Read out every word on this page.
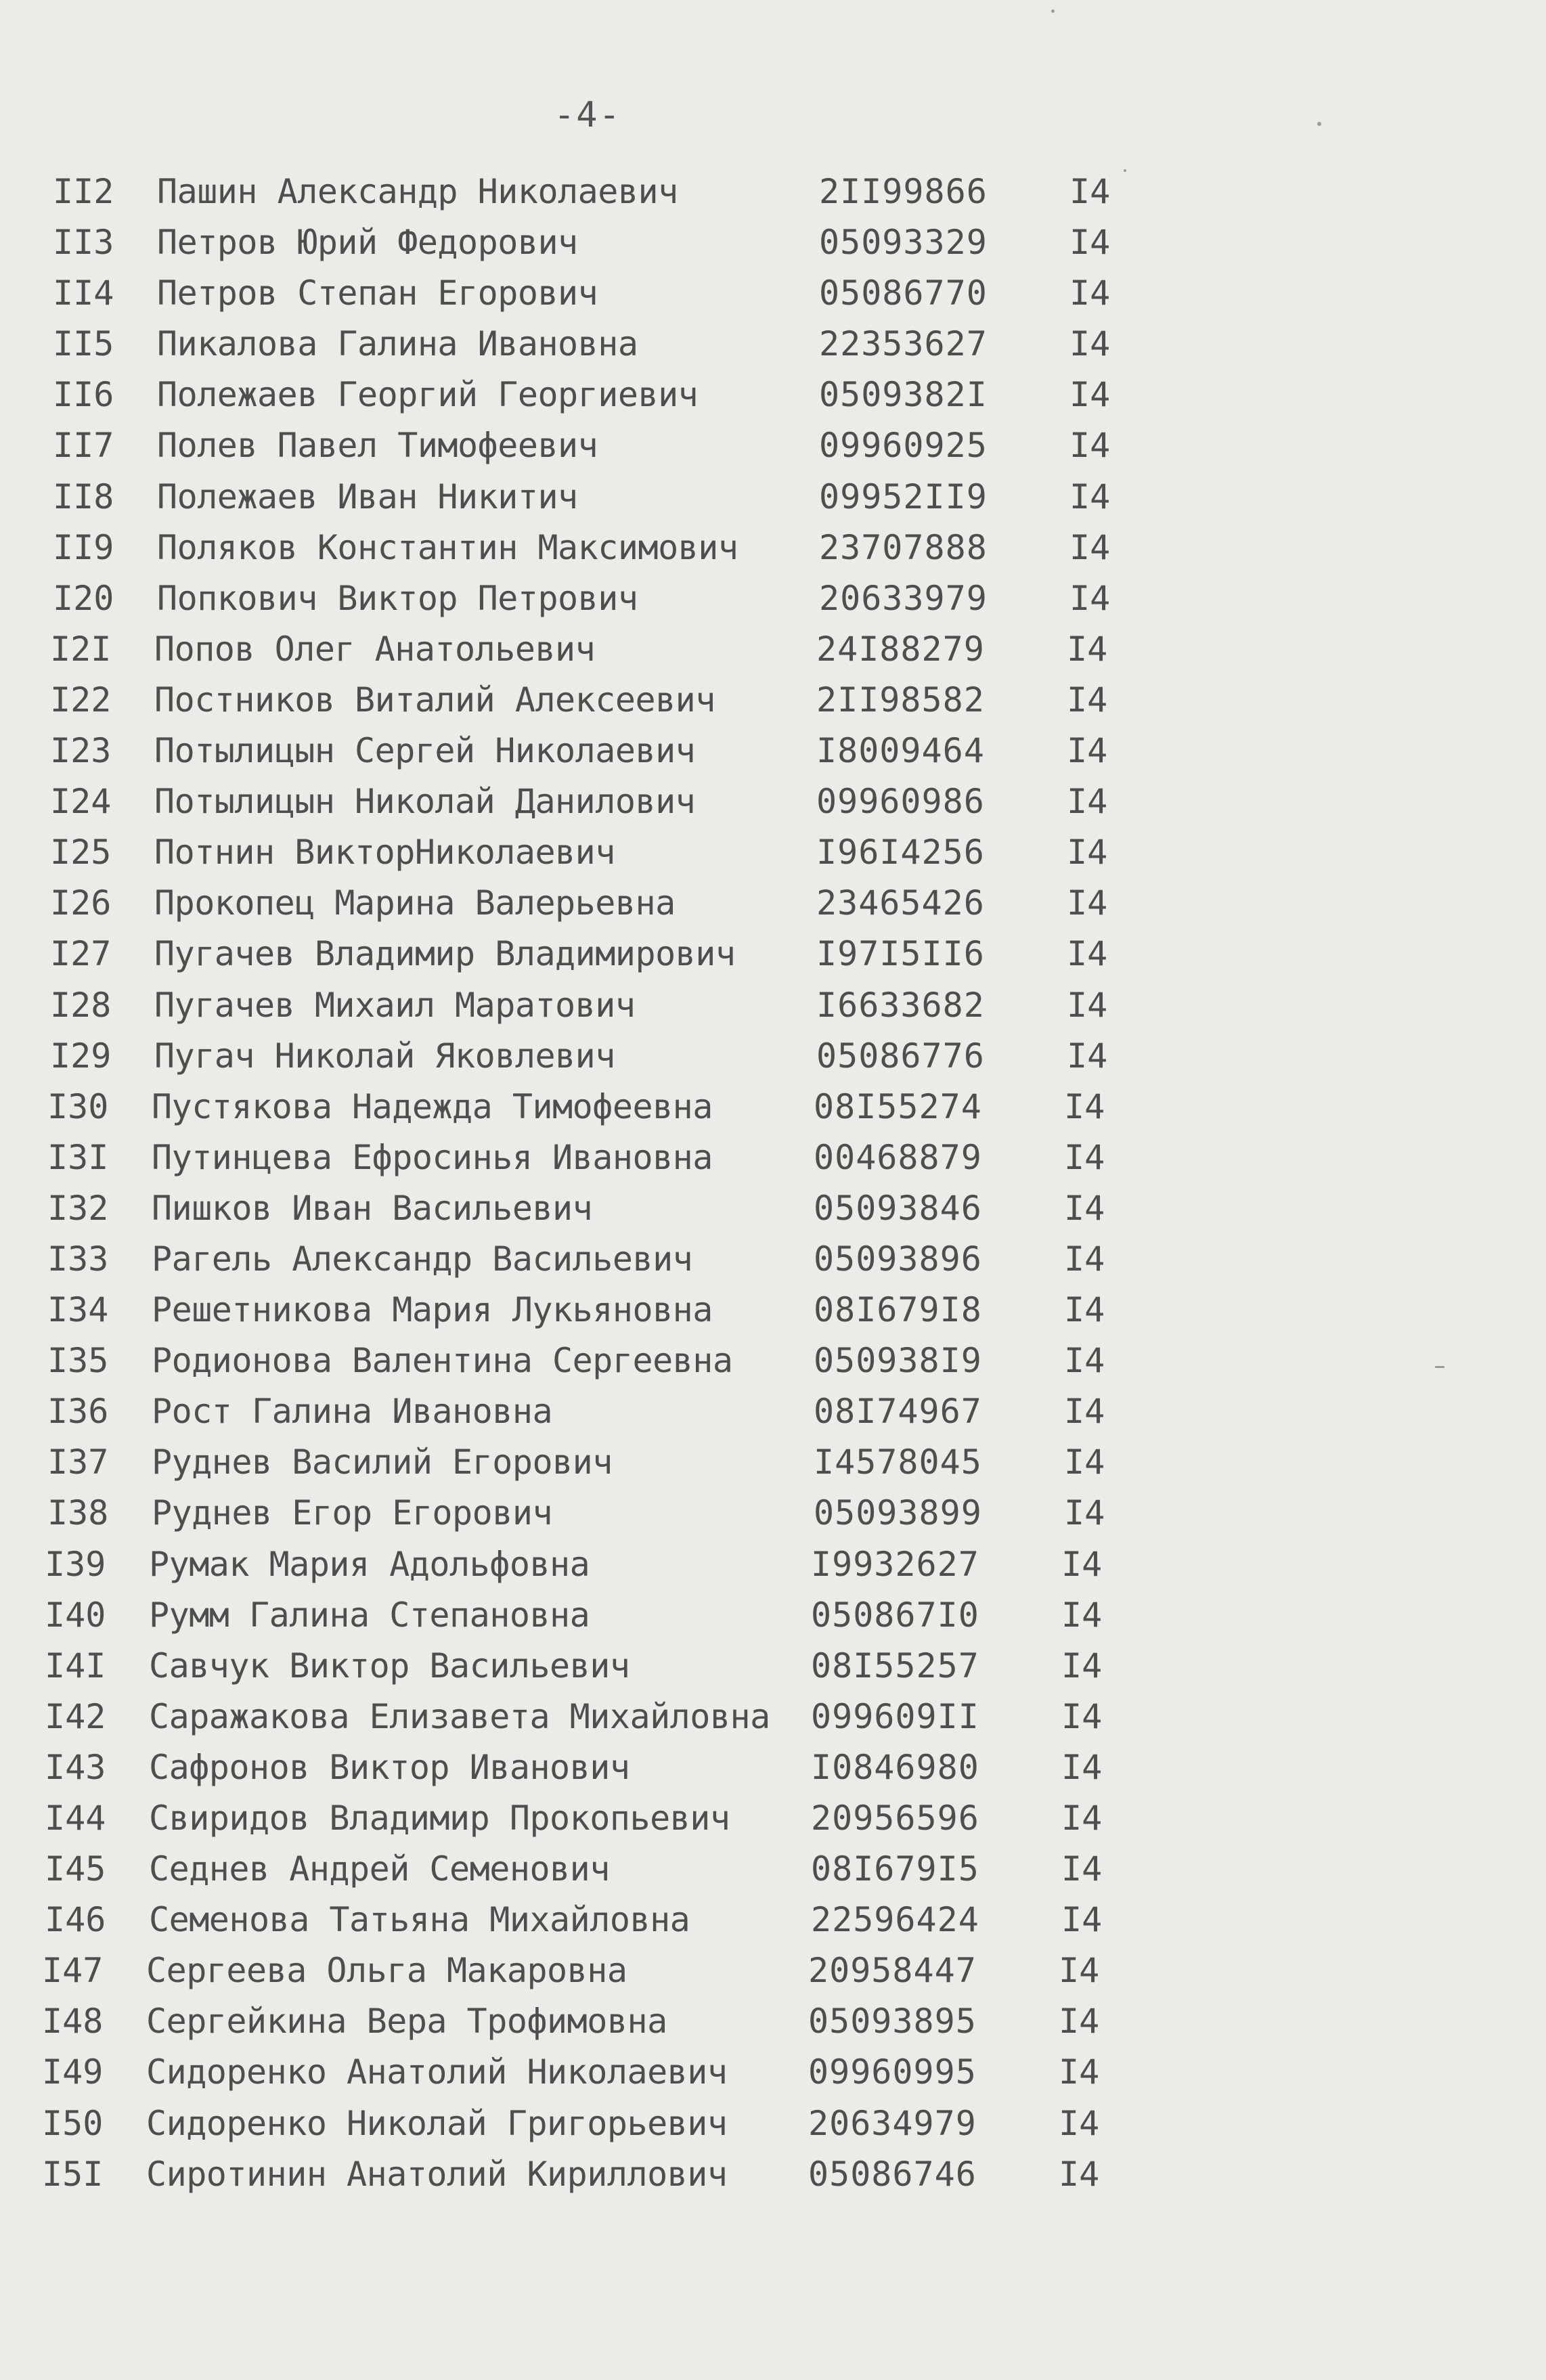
-4-
II2 Пашин Александр Николаевич	2II99866 I4
II3 Петров Юрий Федорович	05093329 I4
II4 Петров Степан Егорович	05086770 I4
II5 Пикалова Галина Ивановна	22353627 I4
II6 Полежаев Георгий Георгиевич	0509382I I4
II7 Полев Павел Тимофеевич	09960925 I4
II8 Полежаев Иван Никитич	09952II9 I4
II9 Поляков Константин Максимович 23707888 I4
I20 Попкович Виктор Петрович	20633979 I4
I2I Попов Олег Анатольевич	24I88279 I4
I22 Постников Виталий Алексеевич	2II98582 I4
I23 Потылицын Сергей Николаевич	I8009464 I4
I24 Потылицын Николай Данилович	09960986 I4
I25 Потнин ВикторНиколаевич	I96I4256 I4
I26 Прокопец Марина Валерьевна	23465426 I4
I27 Пугачев Владимир Владимирович I97I5II6 I4
I28 Пугачев Михаил Маратович	I6633682 I4
I29 Пугач Николай Яковлевич	05086776 I4
I30 Пустякова Надежда Тимофеевна	08I55274 I4
I3I Путинцева Ефросинья Ивановна	00468879 I4
I32 Пишков Иван Васильевич	05093846 I4
I33 Рагель Александр Васильевич	05093896 I4
I34 Решетникова Мария Лукьяновна	08I679I8 I4
I35 Родионова Валентина Сергеевна 050938I9 I4
I36 Рост Галина Ивановна	08I74967 I4
I37 Руднев Василий Егорович	I4578045 I4
I38 Руднев Егор Егорович	05093899 I4
I39 Румак Мария Адольфовна	I9932627 I4
I40 Румм Галина Степановна	050867I0 I4
I4I Савчук Виктор Васильевич	08I55257 I4
I42 Саражакова Елизавета Михайловна 099609II I4
I43 Сафронов Виктор Иванович	I0846980 I4
I44 Свиридов Владимир Прокопьевич 20956596 I4
I45 Седнев Андрей Семенович	08I679I5 I4
I46 Семенова Татьяна Михайловна	22596424 I4
I47 Сергеева Ольга Макаровна	20958447 I4
I48 Сергейкина Вера Трофимовна	05093895 I4
I49 Сидоренко Анатолий Николаевич 09960995 I4
I50 Сидоренко Николай Григорьевич 20634979 I4
I5I Сиротинин Анатолий Кириллович 05086746 I4
